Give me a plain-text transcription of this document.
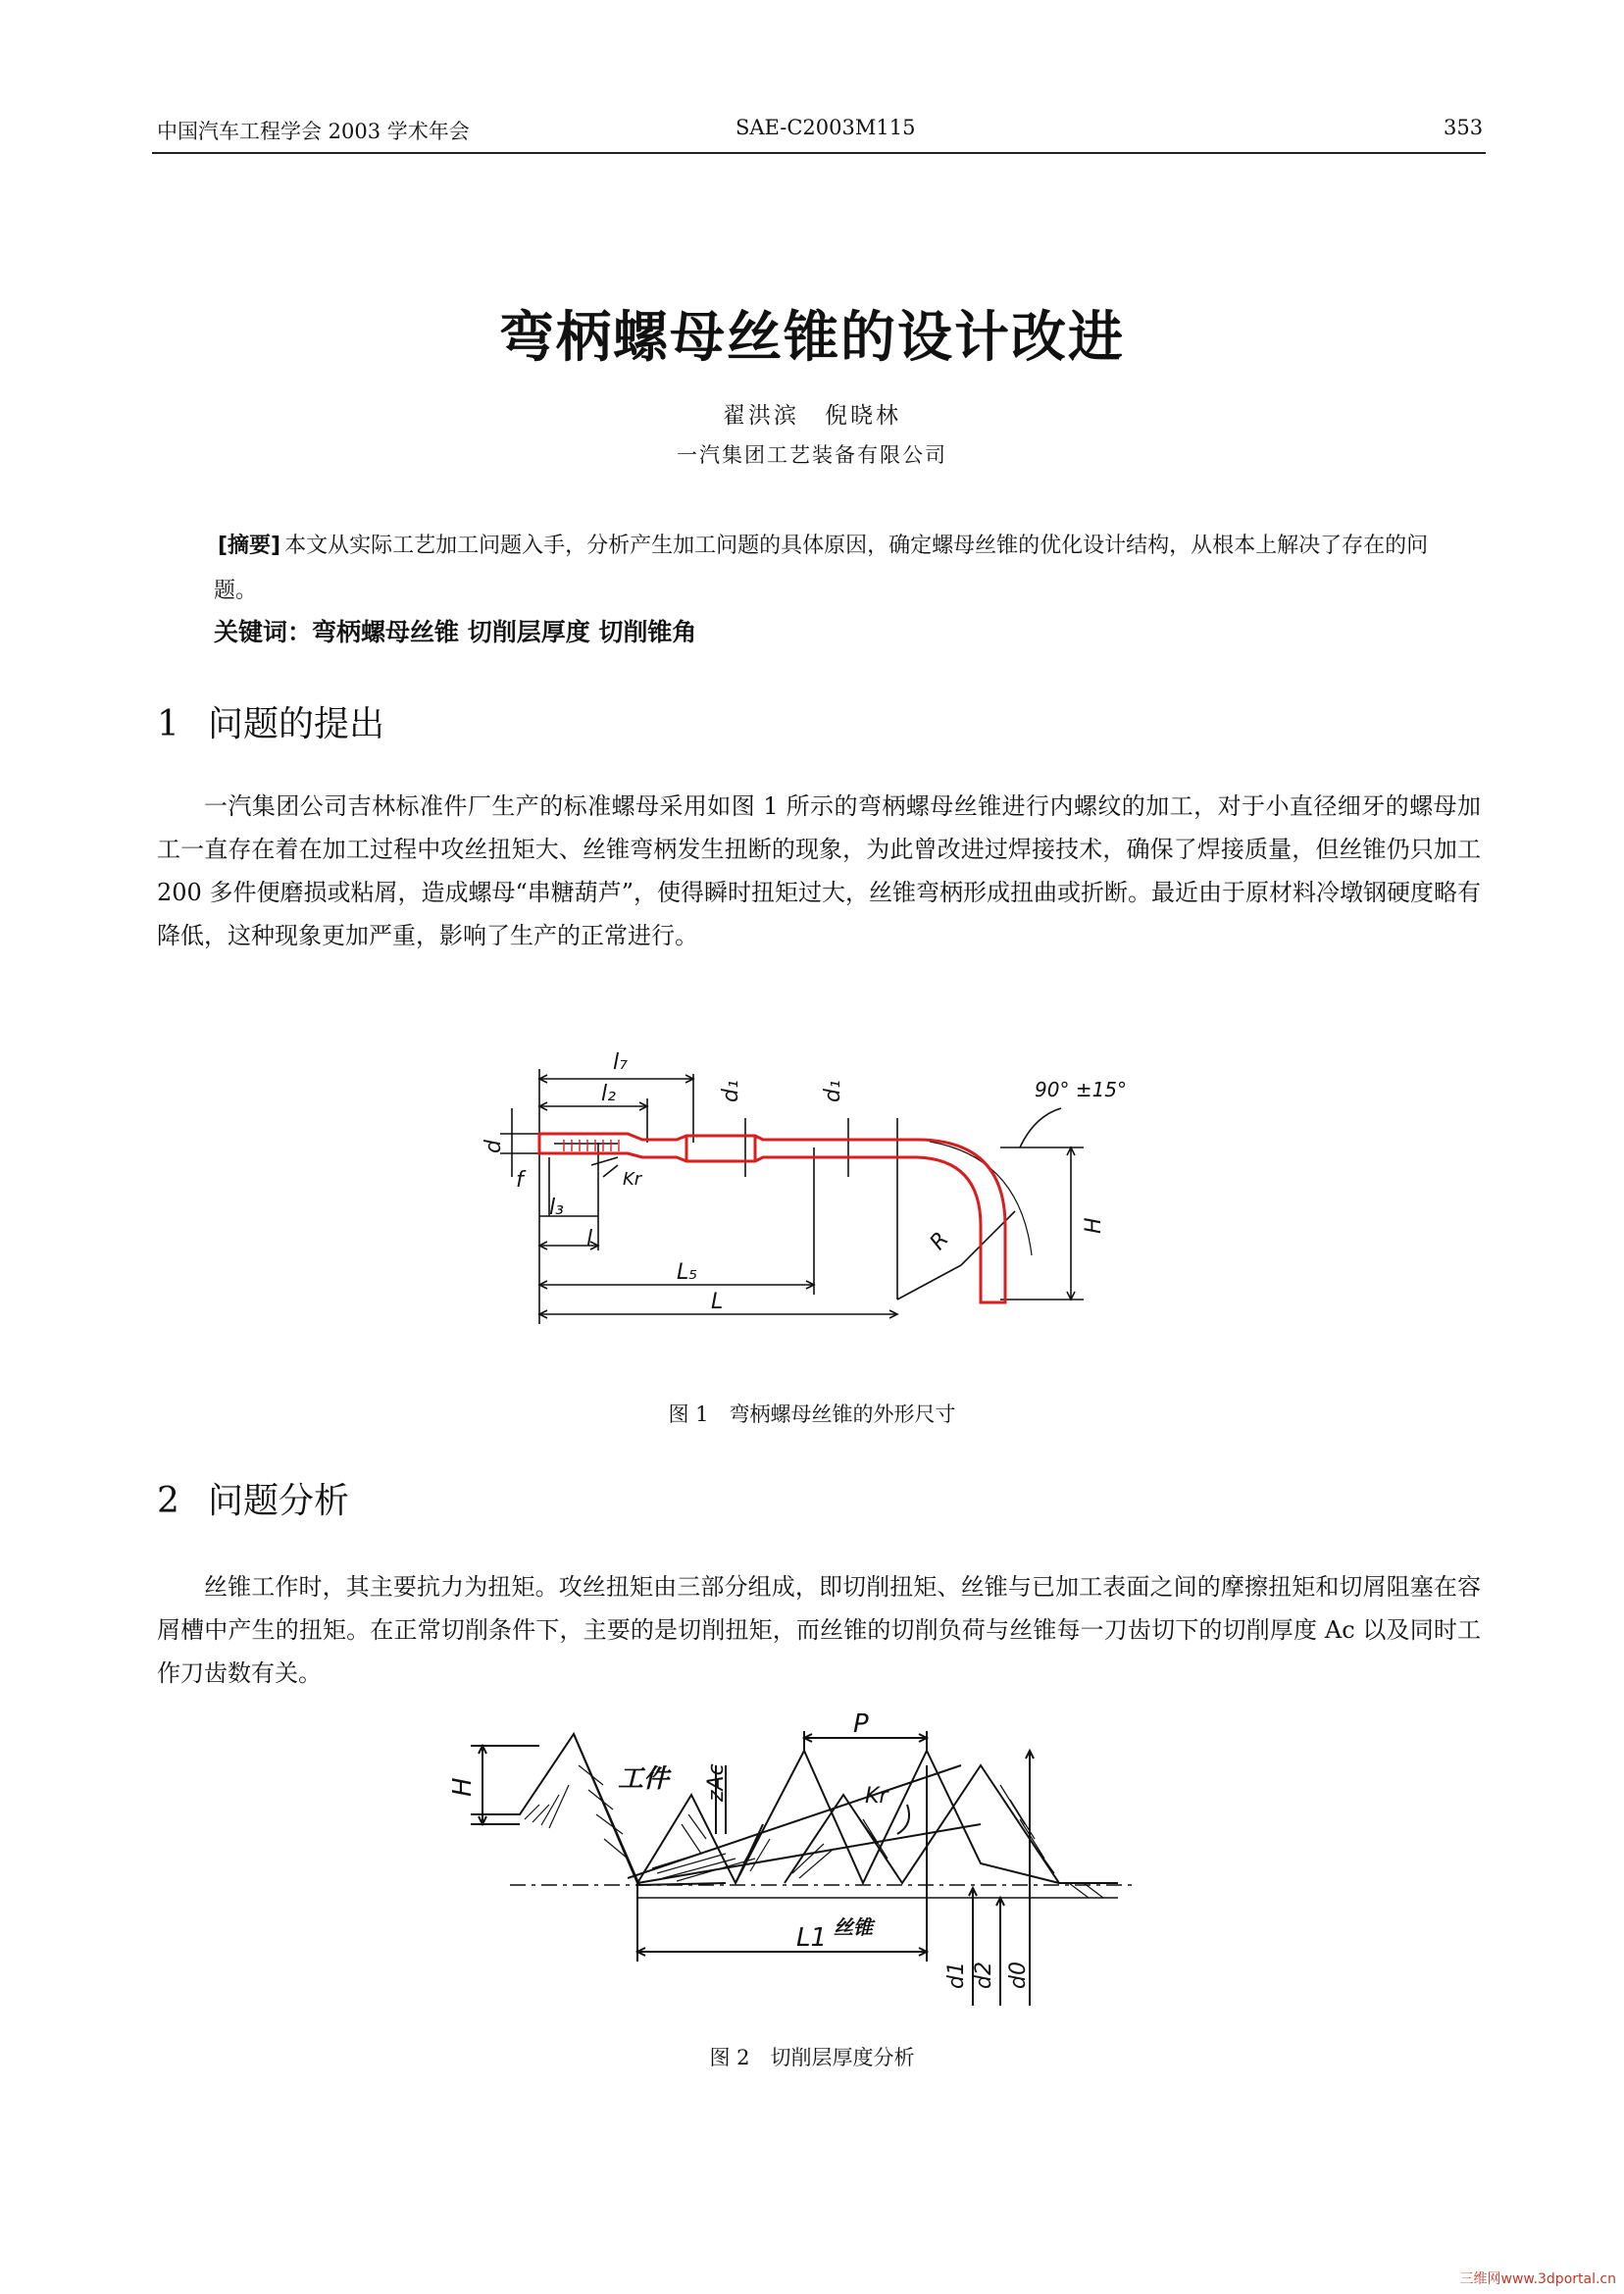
中国汽车工程学会 2003 学术年会	SAE-C2003M115	353
弯柄螺母丝锥的设计改进
翟洪滨　倪晓林
一汽集团工艺装备有限公司
[摘要] 本文从实际工艺加工问题入手，分析产生加工问题的具体原因，确定螺母丝锥的优化设计结构，从根本上解决了存在的问题。
关键词：弯柄螺母丝锥 切削层厚度 切削锥角
1 问题的提出
一汽集团公司吉林标准件厂生产的标准螺母采用如图 1 所示的弯柄螺母丝锥进行内螺纹的加工，对于小直径细牙的螺母加工一直存在着在加工过程中攻丝扭矩大、丝锥弯柄发生扭断的现象，为此曾改进过焊接技术，确保了焊接质量，但丝锥仍只加工 200 多件便磨损或粘屑，造成螺母“串糖葫芦”，使得瞬时扭矩过大，丝锥弯柄形成扭曲或折断。最近由于原材料冷墩钢硬度略有降低，这种现象更加严重，影响了生产的正常进行。
l₇
l₂	d₁	d₁
d
90° ±15°
Kr
f
l₃
l
L₅
L
R
H
图 1　弯柄螺母丝锥的外形尺寸
2 问题分析
丝锥工作时，其主要抗力为扭矩。攻丝扭矩由三部分组成，即切削扭矩、丝锥与已加工表面之间的摩擦扭矩和切屑阻塞在容屑槽中产生的扭矩。在正常切削条件下，主要的是切削扭矩，而丝锥的切削负荷与丝锥每一刀齿切下的切削厚度 Ac 以及同时工作刀齿数有关。
P
工件 zAc	Kr
H
丝锥
L1
d1 d2 d0
图 2　切削层厚度分析
三维网www.3dportal.cn
